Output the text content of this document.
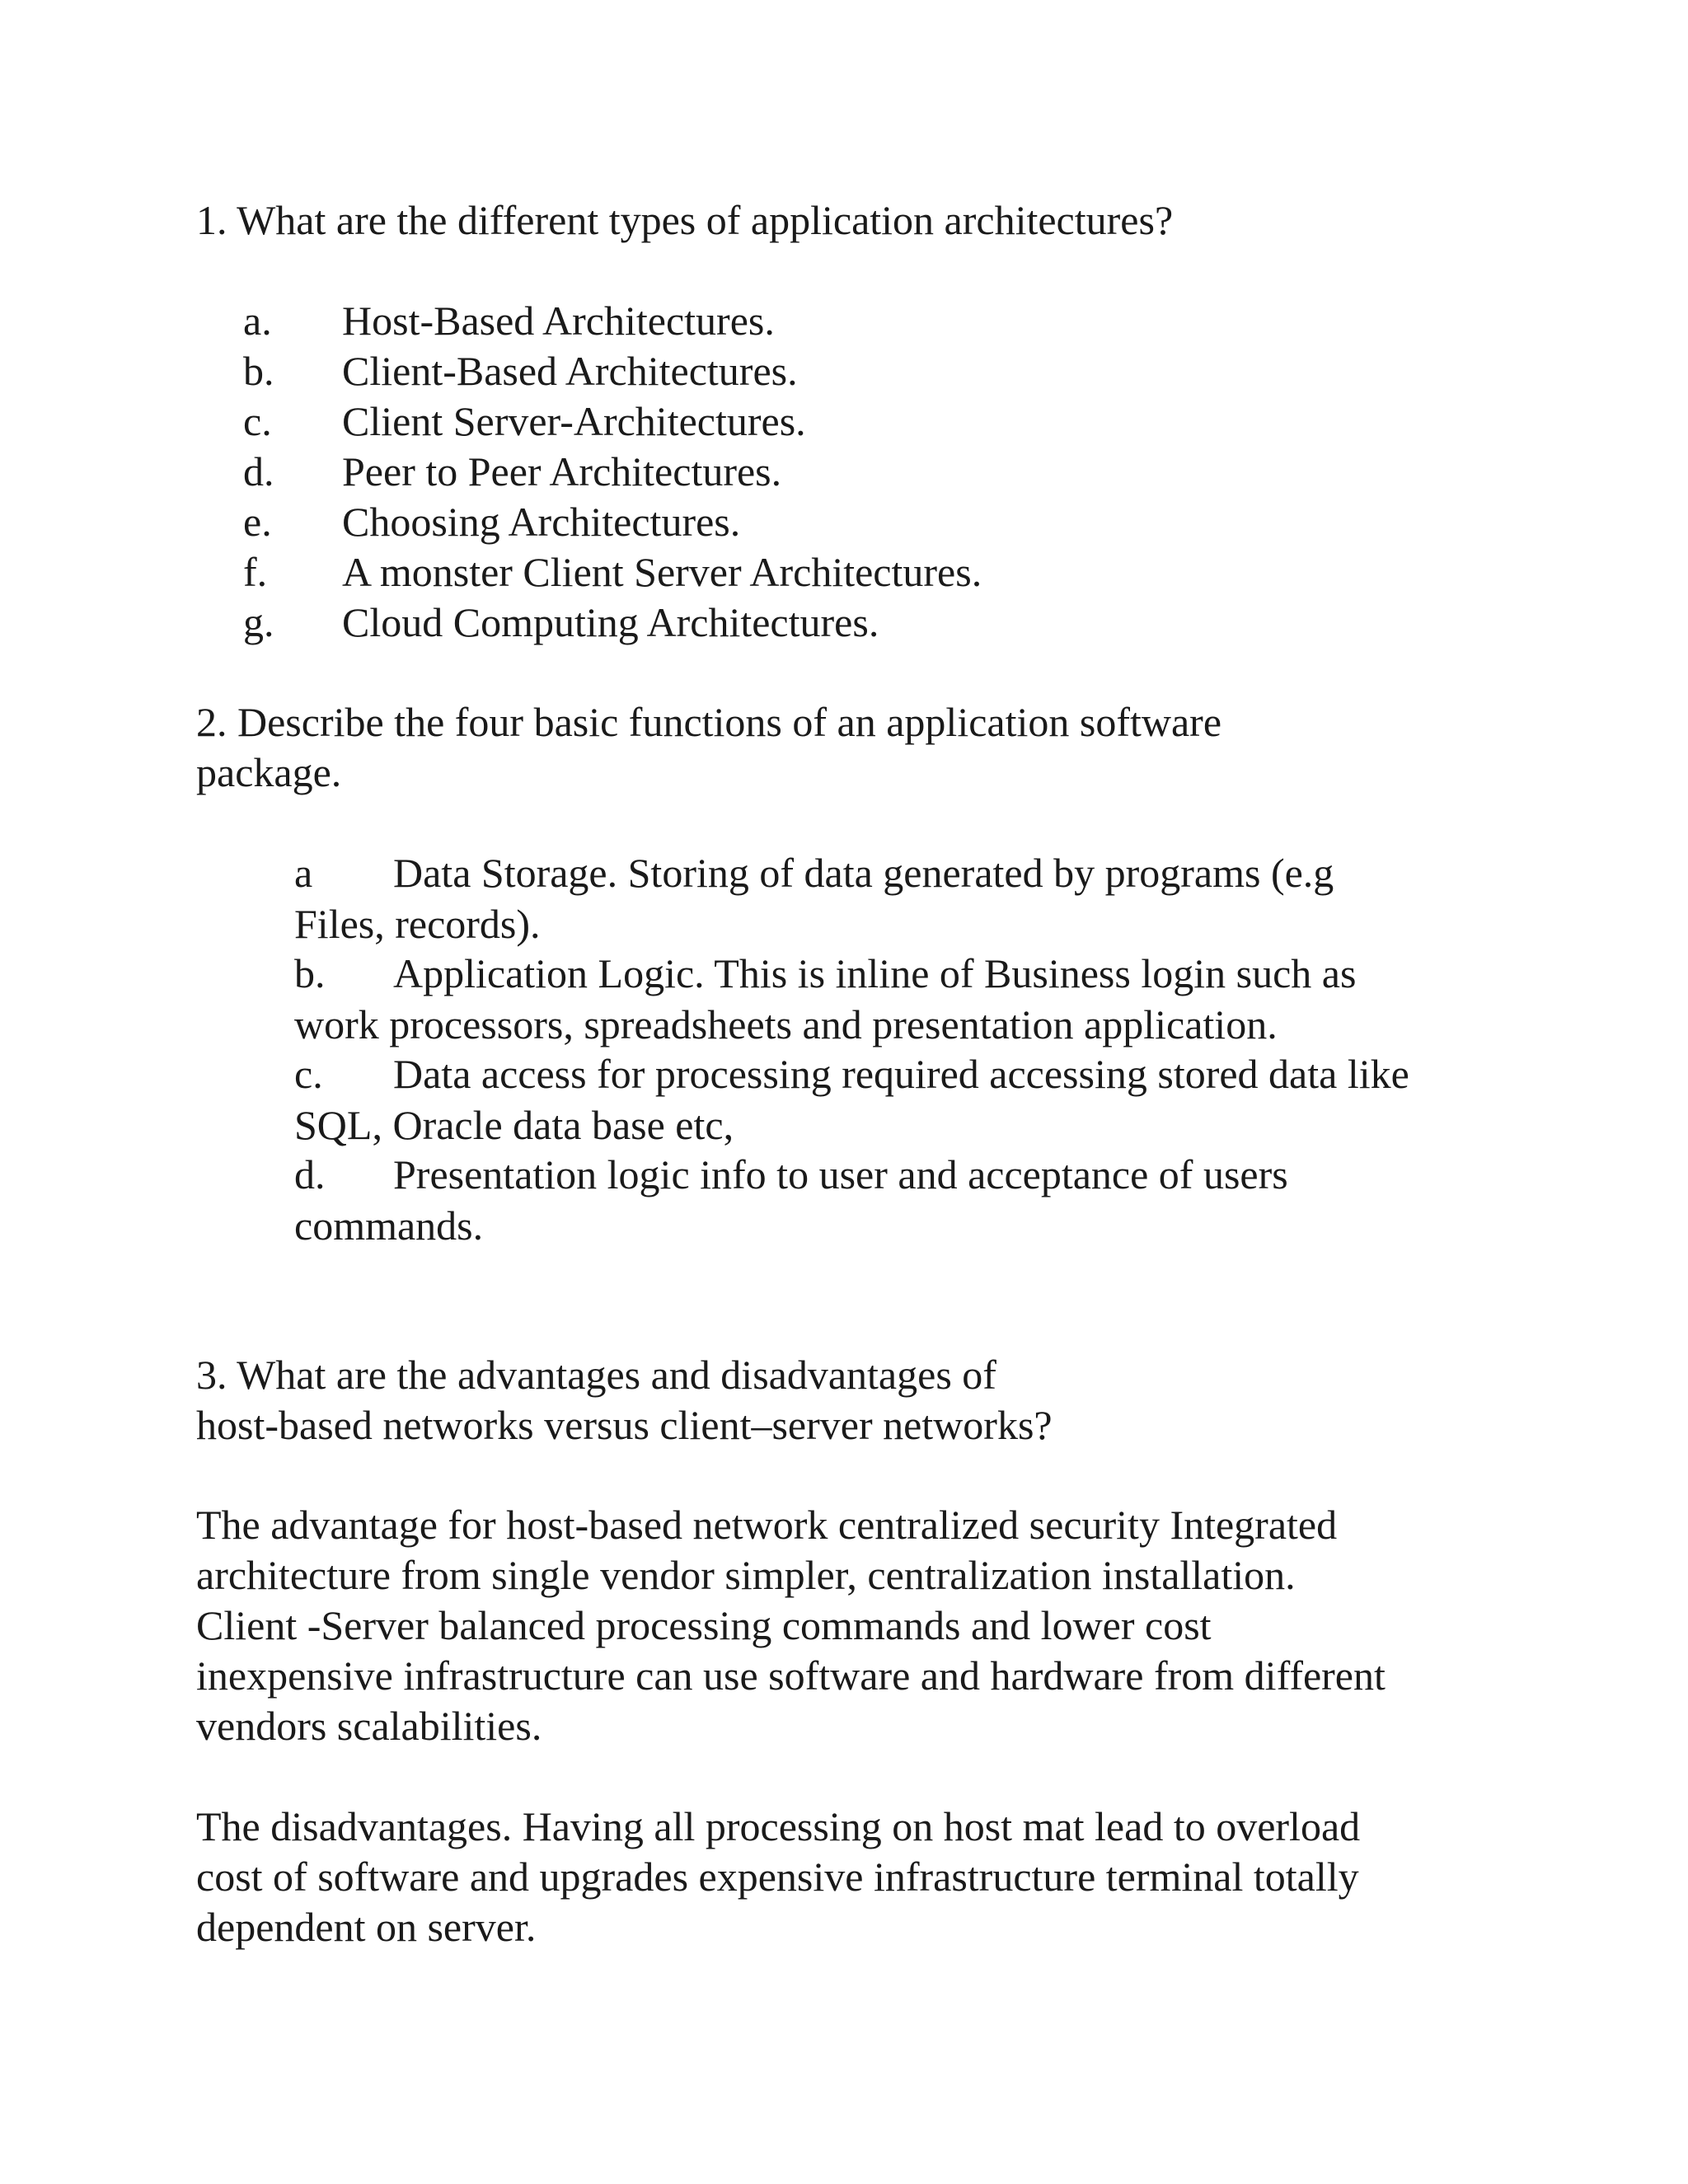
1. What are the different types of application architectures?
a. Host-Based Architectures.
b. Client-Based Architectures.
c. Client Server-Architectures.
d. Peer to Peer Architectures.
e. Choosing Architectures.
f. A monster Client Server Architectures.
g. Cloud Computing Architectures.
2. Describe the four basic functions of an application software
package.
a Data Storage. Storing of data generated by programs (e.g
Files, records).
b. Application Logic. This is inline of Business login such as
work processors, spreadsheets and presentation application.
c. Data access for processing required accessing stored data like
SQL, Oracle data base etc,
d. Presentation logic info to user and acceptance of users
commands.
3. What are the advantages and disadvantages of
host-based networks versus client–server networks?
The advantage for host-based network centralized security Integrated
architecture from single vendor simpler, centralization installation.
Client -Server balanced processing commands and lower cost
inexpensive infrastructure can use software and hardware from different
vendors scalabilities.
The disadvantages. Having all processing on host mat lead to overload
cost of software and upgrades expensive infrastructure terminal totally
dependent on server.
